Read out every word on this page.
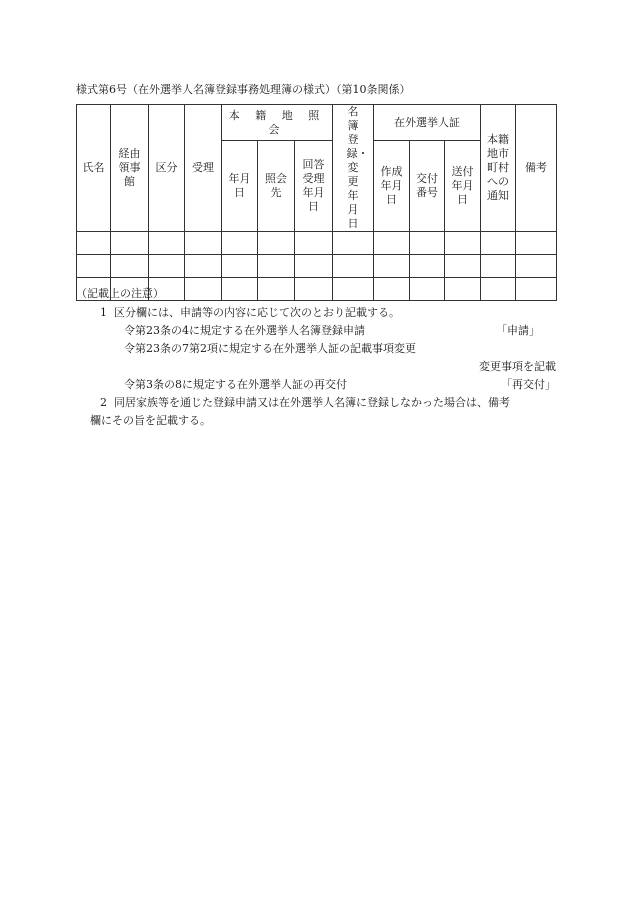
様式第6号（在外選挙人名簿登録事務処理簿の様式）（第10条関係）
氏名	経由領事館	区分	受理	本 籍 地 照 会			名簿登録・変更年月日	在外選挙人証			本籍地市町村への通知	備考
				年月日	照会先	回答受理年月日		作成年月日	交付番号	送付年月日		

（記載上の注意）
1 区分欄には、申請等の内容に応じて次のとおり記載する。
令第23条の4に規定する在外選挙人名簿登録申請	「申請」
令第23条の7第2項に規定する在外選挙人証の記載事項変更
変更事項を記載
令第3条の8に規定する在外選挙人証の再交付	「再交付」
2 同居家族等を通じた登録申請又は在外選挙人名簿に登録しなかった場合は、備考
欄にその旨を記載する。
